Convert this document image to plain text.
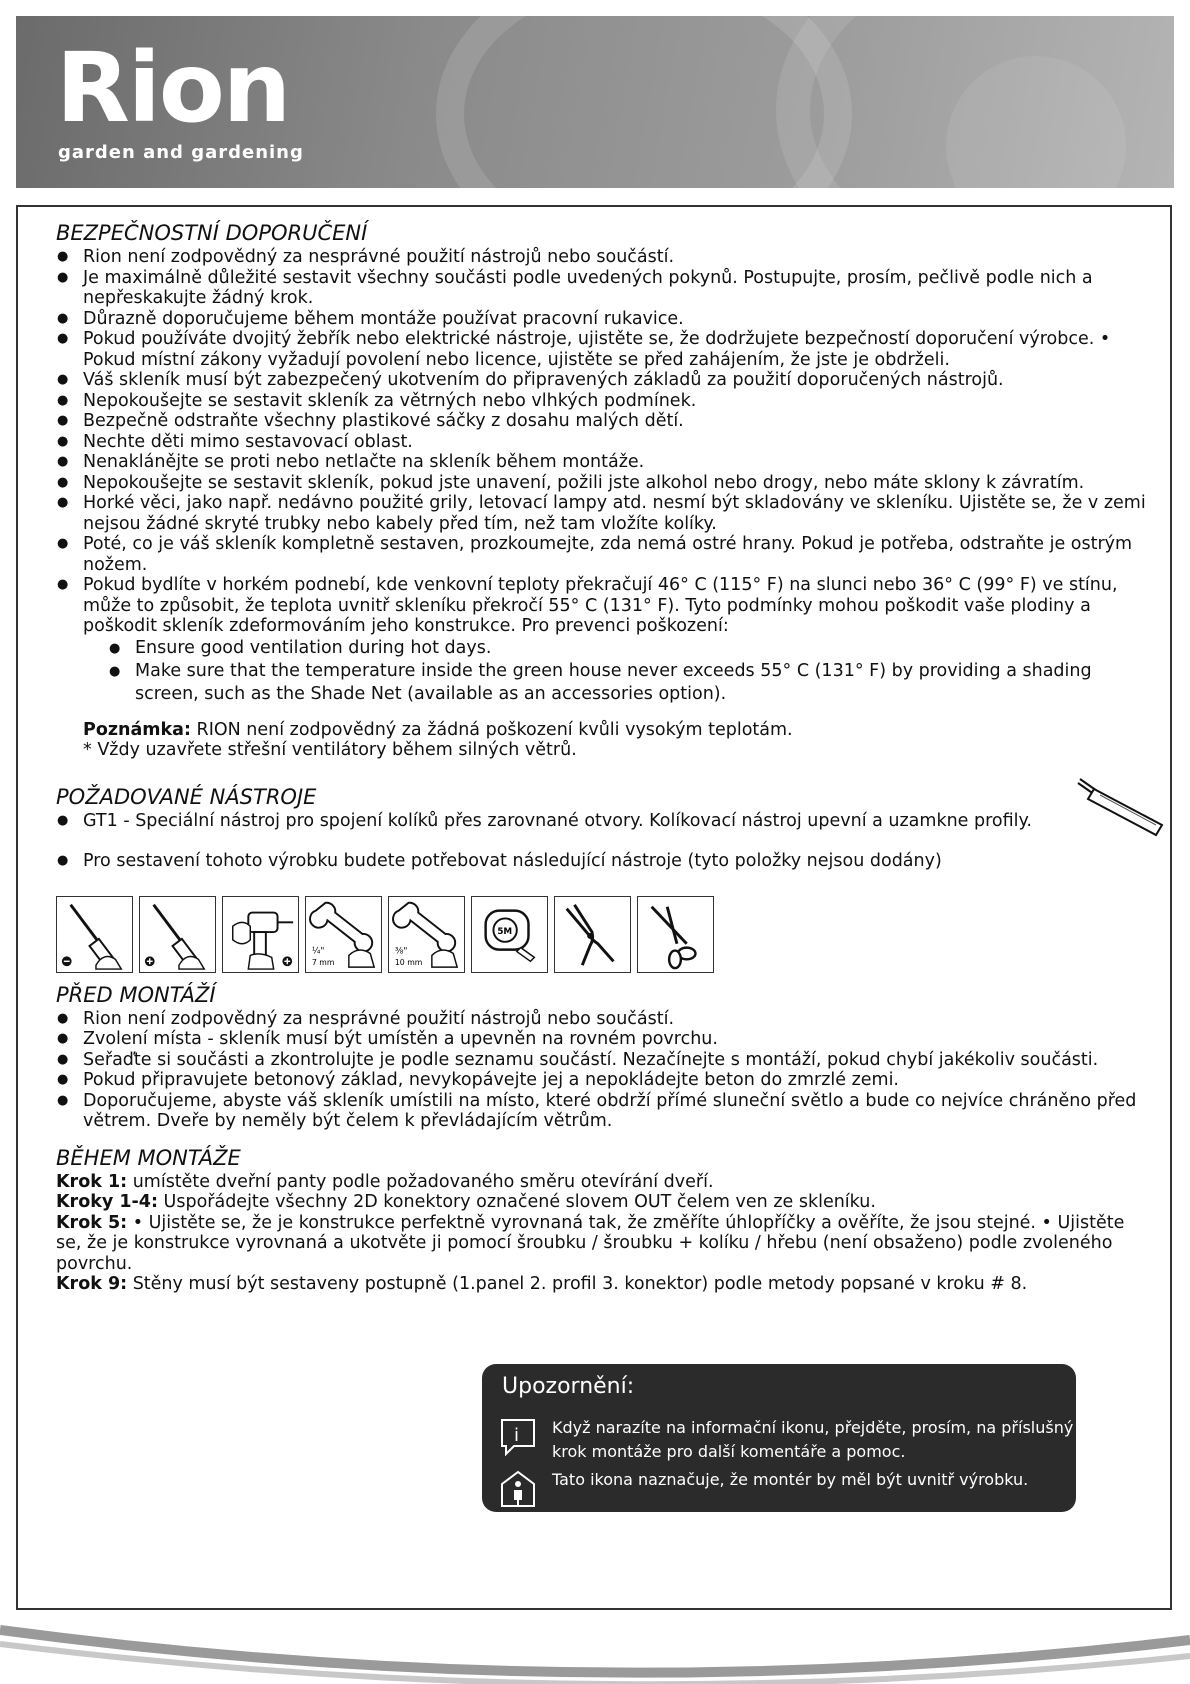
Rion
garden and gardening
BEZPEČNOSTNÍ DOPORUČENÍ
● Rion není zodpovědný za nesprávné použití nástrojů nebo součástí.
● Je maximálně důležité sestavit všechny součásti podle uvedených pokynů. Postupujte, prosím, pečlivě podle nich a nepřeskakujte žádný krok.
● Důrazně doporučujeme během montáže používat pracovní rukavice.
● Pokud používáte dvojitý žebřík nebo elektrické nástroje, ujistěte se, že dodržujete bezpečností doporučení výrobce. • Pokud místní zákony vyžadují povolení nebo licence, ujistěte se před zahájením, že jste je obdrželi.
● Váš skleník musí být zabezpečený ukotvením do připravených základů za použití doporučených nástrojů.
● Nepokoušejte se sestavit skleník za větrných nebo vlhkých podmínek.
● Bezpečně odstraňte všechny plastikové sáčky z dosahu malých dětí.
● Nechte děti mimo sestavovací oblast.
● Nenaklánějte se proti nebo netlačte na skleník během montáže.
● Nepokoušejte se sestavit skleník, pokud jste unavení, požili jste alkohol nebo drogy, nebo máte sklony k závratím.
● Horké věci, jako např. nedávno použité grily, letovací lampy atd. nesmí být skladovány ve skleníku. Ujistěte se, že v zemi nejsou žádné skryté trubky nebo kabely před tím, než tam vložíte kolíky.
● Poté, co je váš skleník kompletně sestaven, prozkoumejte, zda nemá ostré hrany. Pokud je potřeba, odstraňte je ostrým nožem.
● Pokud bydlíte v horkém podnebí, kde venkovní teploty překračují 46° C (115° F) na slunci nebo 36° C (99° F) ve stínu, může to způsobit, že teplota uvnitř skleníku překročí 55° C (131° F). Tyto podmínky mohou poškodit vaše plodiny a poškodit skleník zdeformováním jeho konstrukce. Pro prevenci poškození:
● Ensure good ventilation during hot days.
● Make sure that the temperature inside the green house never exceeds 55° C (131° F) by providing a shading screen, such as the Shade Net (available as an accessories option).
Poznámka: RION není zodpovědný za žádná poškození kvůli vysokým teplotám.
* Vždy uzavřete střešní ventilátory během silných větrů.
POŽADOVANÉ NÁSTROJE
● GT1 - Speciální nástroj pro spojení kolíků přes zarovnané otvory. Kolíkovací nástroj upevní a uzamkne profily.
● Pro sestavení tohoto výrobku budete potřebovat následující nástroje (tyto položky nejsou dodány)
¼"
7 mm
⅜"
10 mm
5M
PŘED MONTÁŽÍ
● Rion není zodpovědný za nesprávné použití nástrojů nebo součástí.
● Zvolení místa - skleník musí být umístěn a upevněn na rovném povrchu.
● Seřaďte si součásti a zkontrolujte je podle seznamu součástí. Nezačínejte s montáží, pokud chybí jakékoliv součásti.
● Pokud připravujete betonový základ, nevykopávejte jej a nepokládejte beton do zmrzlé zemi.
● Doporučujeme, abyste váš skleník umístili na místo, které obdrží přímé sluneční světlo a bude co nejvíce chráněno před větrem. Dveře by neměly být čelem k převládajícím větrům.
BĚHEM MONTÁŽE

Krok 1: umístěte dveřní panty podle požadovaného směru otevírání dveří.

Kroky 1-4: Uspořádejte všechny 2D konektory označené slovem OUT čelem ven ze skleníku.

Krok 5: • Ujistěte se, že je konstrukce perfektně vyrovnaná tak, že změříte úhlopříčky a ověříte, že jsou stejné. • Ujistěte se, že je konstrukce vyrovnaná a ukotvěte ji pomocí šroubku / šroubku + kolíku / hřebu (není obsaženo) podle zvoleného povrchu.

Krok 9: Stěny musí být sestaveny postupně (1.panel 2. profil 3. konektor) podle metody popsané v kroku # 8.

Upozornění:
i Když narazíte na informační ikonu, přejděte, prosím, na příslušný krok montáže pro další komentáře a pomoc.
Tato ikona naznačuje, že montér by měl být uvnitř výrobku.
